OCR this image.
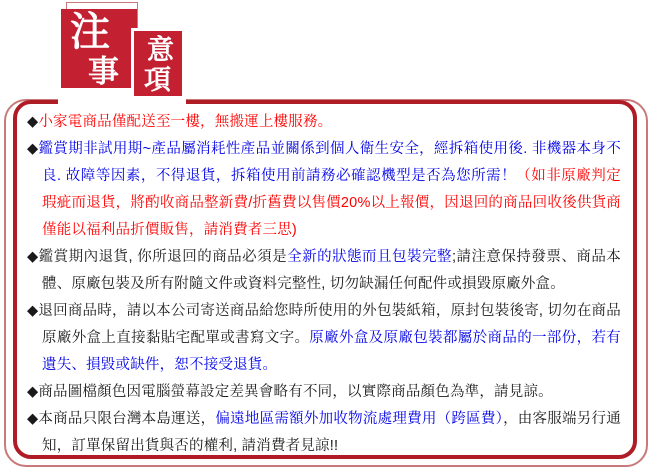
注
事
意
項

◆小家電商品僅配送至一樓，無搬運上樓服務。

◆鑑賞期非試用期~產品屬消耗性產品並關係到個人衛生安全，經拆箱使用後. 非機器本身不良. 故障等因素，不得退貨，拆箱使用前請務必確認機型是否為您所需！（如非原廠判定瑕疵而退貨，將酌收商品整新費/折舊費以售價20%以上報價，因退回的商品回收後供貨商僅能以福利品折價販售，請消費者三思)

◆鑑賞期內退貨, 你所退回的商品必須是全新的狀態而且包裝完整;請注意保持發票、商品本體、原廠包裝及所有附隨文件或資料完整性, 切勿缺漏任何配件或損毀原廠外盒。

◆退回商品時，請以本公司寄送商品給您時所使用的外包裝紙箱，原封包裝後寄, 切勿在商品原廠外盒上直接黏貼宅配單或書寫文字。原廠外盒及原廠包裝都屬於商品的一部份，若有遺失、損毀或缺件，恕不接受退貨。

◆商品圖檔顏色因電腦螢幕設定差異會略有不同，以實際商品顏色為準，請見諒。

◆本商品只限台灣本島運送，偏遠地區需額外加收物流處理費用（跨區費），由客服端另行通知，訂單保留出貨與否的權利, 請消費者見諒!!
